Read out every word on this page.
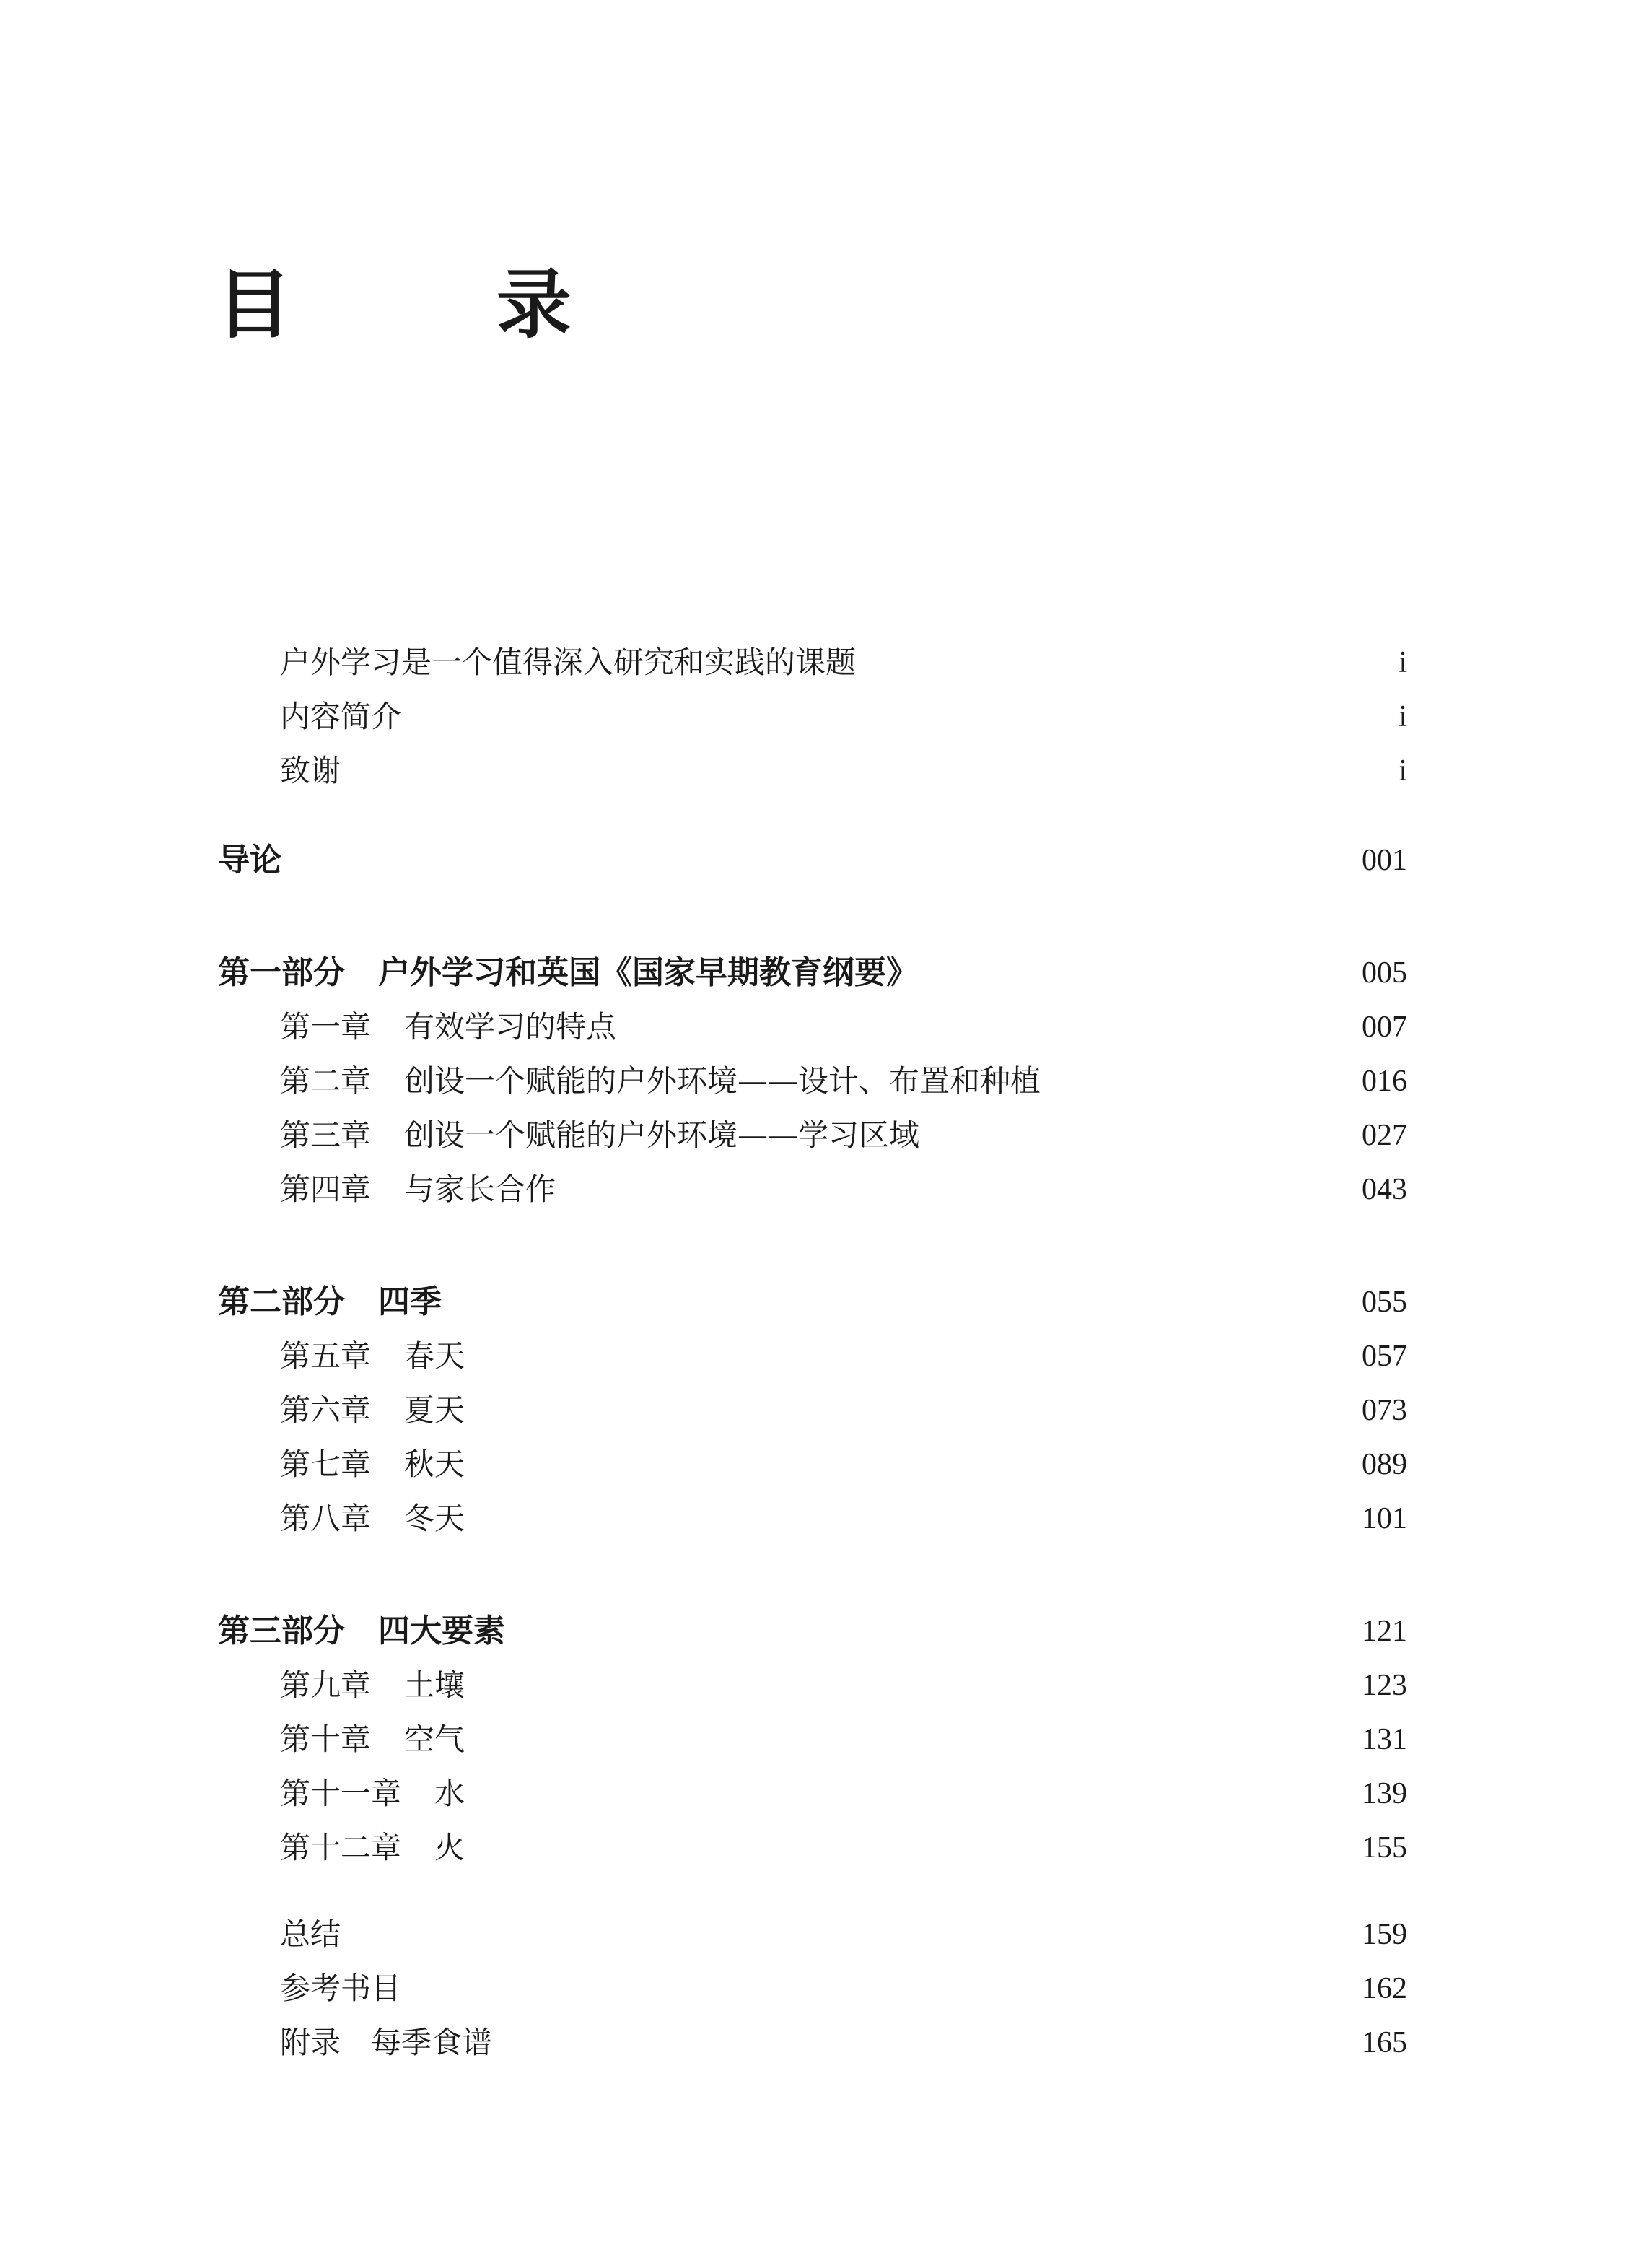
目　录
户外学习是一个值得深入研究和实践的课题	i
内容简介	i
致谢	i
导论	001
第一部分 户外学习和英国《国家早期教育纲要》	005
第一章 有效学习的特点	007
第二章 创设一个赋能的户外环境——设计、布置和种植	016
第三章 创设一个赋能的户外环境——学习区域	027
第四章 与家长合作	043
第二部分 四季	055
第五章 春天	057
第六章 夏天	073
第七章 秋天	089
第八章 冬天	101
第三部分 四大要素	121
第九章 土壤	123
第十章 空气	131
第十一章 水	139
第十二章 火	155
总结	159
参考书目	162
附录　每季食谱	165
